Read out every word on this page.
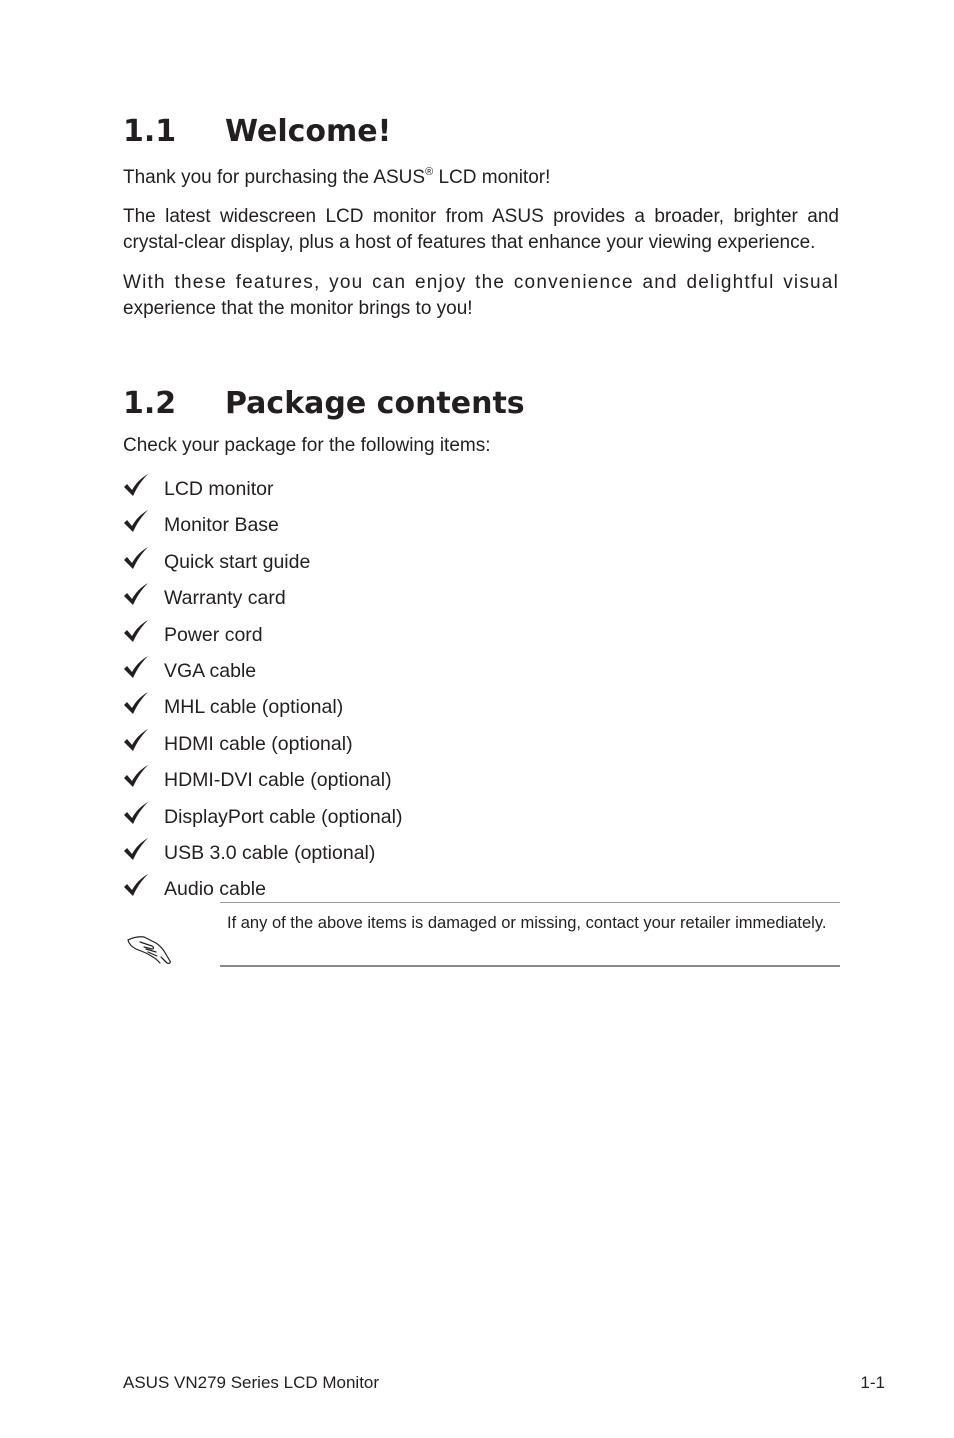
1.1 Welcome!

Thank you for purchasing the ASUS® LCD monitor!

The latest widescreen LCD monitor from ASUS provides a broader, brighter and crystal-clear display, plus a host of features that enhance your viewing experience.

With these features, you can enjoy the convenience and delightful visual
experience that the monitor brings to you!

1.2 Package contents

Check your package for the following items:

LCD monitor
Monitor Base
Quick start guide
Warranty card
Power cord
VGA cable
MHL cable (optional)
HDMI cable (optional)
HDMI-DVI cable (optional)
DisplayPort cable (optional)
USB 3.0 cable (optional)
Audio cable
If any of the above items is damaged or missing, contact your retailer immediately.
ASUS VN279 Series LCD Monitor	1-1
